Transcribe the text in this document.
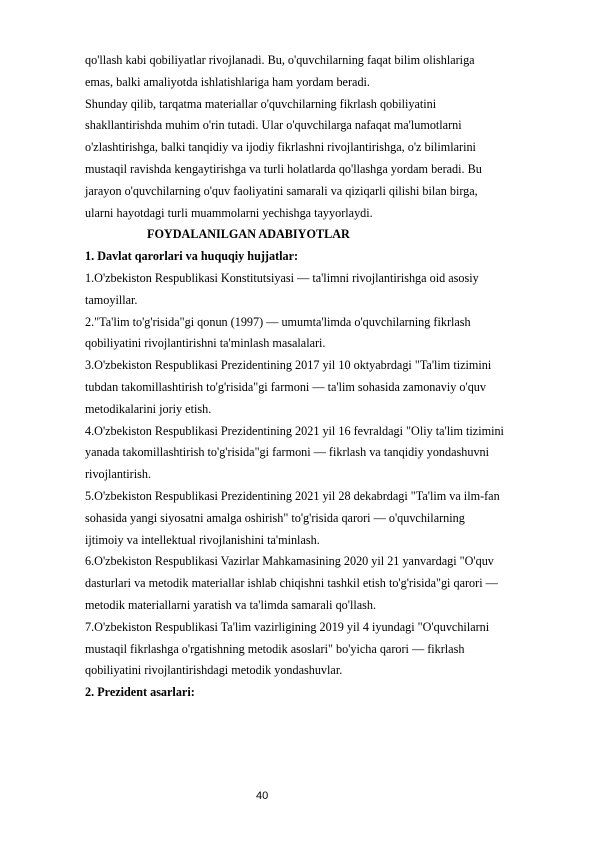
qo'llash kabi qobiliyatlar rivojlanadi. Bu, o'quvchilarning faqat bilim olishlariga
emas, balki amaliyotda ishlatishlariga ham yordam beradi.
Shunday qilib, tarqatma materiallar o'quvchilarning fikrlash qobiliyatini
shakllantirishda muhim o'rin tutadi. Ular o'quvchilarga nafaqat ma'lumotlarni
o'zlashtirishga, balki tanqidiy va ijodiy fikrlashni rivojlantirishga, o'z bilimlarini
mustaqil ravishda kengaytirishga va turli holatlarda qo'llashga yordam beradi. Bu
jarayon o'quvchilarning o'quv faoliyatini samarali va qiziqarli qilishi bilan birga,
ularni hayotdagi turli muammolarni yechishga tayyorlaydi.
FOYDALANILGAN ADABIYOTLAR
1. Davlat qarorlari va huquqiy hujjatlar:
1.O'zbekiston Respublikasi Konstitutsiyasi — ta'limni rivojlantirishga oid asosiy
tamoyillar.
2."Ta'lim to'g'risida"gi qonun (1997) — umumta'limda o'quvchilarning fikrlash
qobiliyatini rivojlantirishni ta'minlash masalalari.
3.O'zbekiston Respublikasi Prezidentining 2017 yil 10 oktyabrdagi "Ta'lim tizimini
tubdan takomillashtirish to'g'risida"gi farmoni — ta'lim sohasida zamonaviy o'quv
metodikalarini joriy etish.
4.O'zbekiston Respublikasi Prezidentining 2021 yil 16 fevraldagi "Oliy ta'lim tizimini
yanada takomillashtirish to'g'risida"gi farmoni — fikrlash va tanqidiy yondashuvni
rivojlantirish.
5.O'zbekiston Respublikasi Prezidentining 2021 yil 28 dekabrdagi "Ta'lim va ilm-fan
sohasida yangi siyosatni amalga oshirish" to'g'risida qarori — o'quvchilarning
ijtimoiy va intellektual rivojlanishini ta'minlash.
6.O'zbekiston Respublikasi Vazirlar Mahkamasining 2020 yil 21 yanvardagi "O'quv
dasturlari va metodik materiallar ishlab chiqishni tashkil etish to'g'risida"gi qarori —
metodik materiallarni yaratish va ta'limda samarali qo'llash.
7.O'zbekiston Respublikasi Ta'lim vazirligining 2019 yil 4 iyundagi "O'quvchilarni
mustaqil fikrlashga o'rgatishning metodik asoslari" bo'yicha qarori — fikrlash
qobiliyatini rivojlantirishdagi metodik yondashuvlar.
2. Prezident asarlari:
40
